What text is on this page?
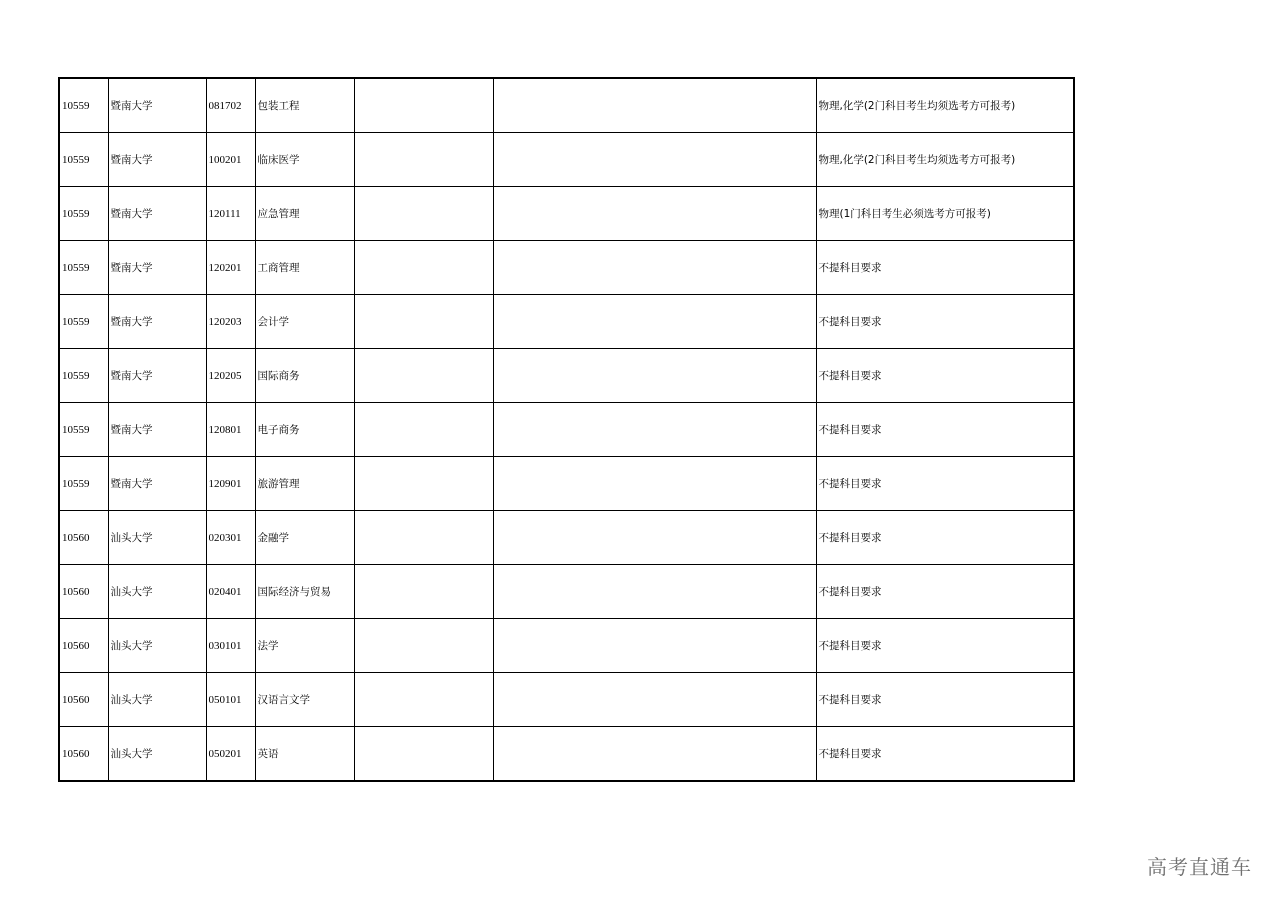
10559	暨南大学	081702	包装工程			物理,化学(2门科目考生均须选考方可报考)
10559	暨南大学	100201	临床医学			物理,化学(2门科目考生均须选考方可报考)
10559	暨南大学	120111	应急管理			物理(1门科目考生必须选考方可报考)
10559	暨南大学	120201	工商管理			不提科目要求
10559	暨南大学	120203	会计学			不提科目要求
10559	暨南大学	120205	国际商务			不提科目要求
10559	暨南大学	120801	电子商务			不提科目要求
10559	暨南大学	120901	旅游管理			不提科目要求
10560	汕头大学	020301	金融学			不提科目要求
10560	汕头大学	020401	国际经济与贸易			不提科目要求
10560	汕头大学	030101	法学			不提科目要求
10560	汕头大学	050101	汉语言文学			不提科目要求
10560	汕头大学	050201	英语			不提科目要求
高考直通车
